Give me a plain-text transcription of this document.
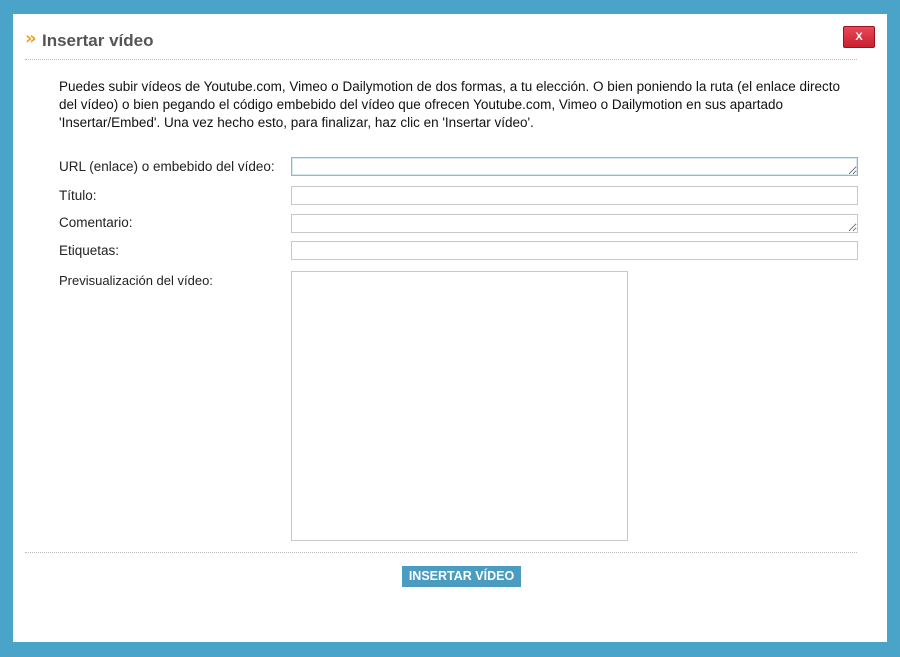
» Insertar vídeo	X

Puedes subir vídeos de Youtube.com, Vimeo o Dailymotion de dos formas, a tu elección. O bien poniendo la ruta (el enlace directo del vídeo) o bien pegando el código embebido del vídeo que ofrecen Youtube.com, Vimeo o Dailymotion en sus apartado 'Insertar/Embed'. Una vez hecho esto, para finalizar, haz clic en 'Insertar vídeo'.

URL (enlace) o embebido del vídeo:
Título:
Comentario:
Etiquetas:
Previsualización del vídeo:
INSERTAR VÍDEO
